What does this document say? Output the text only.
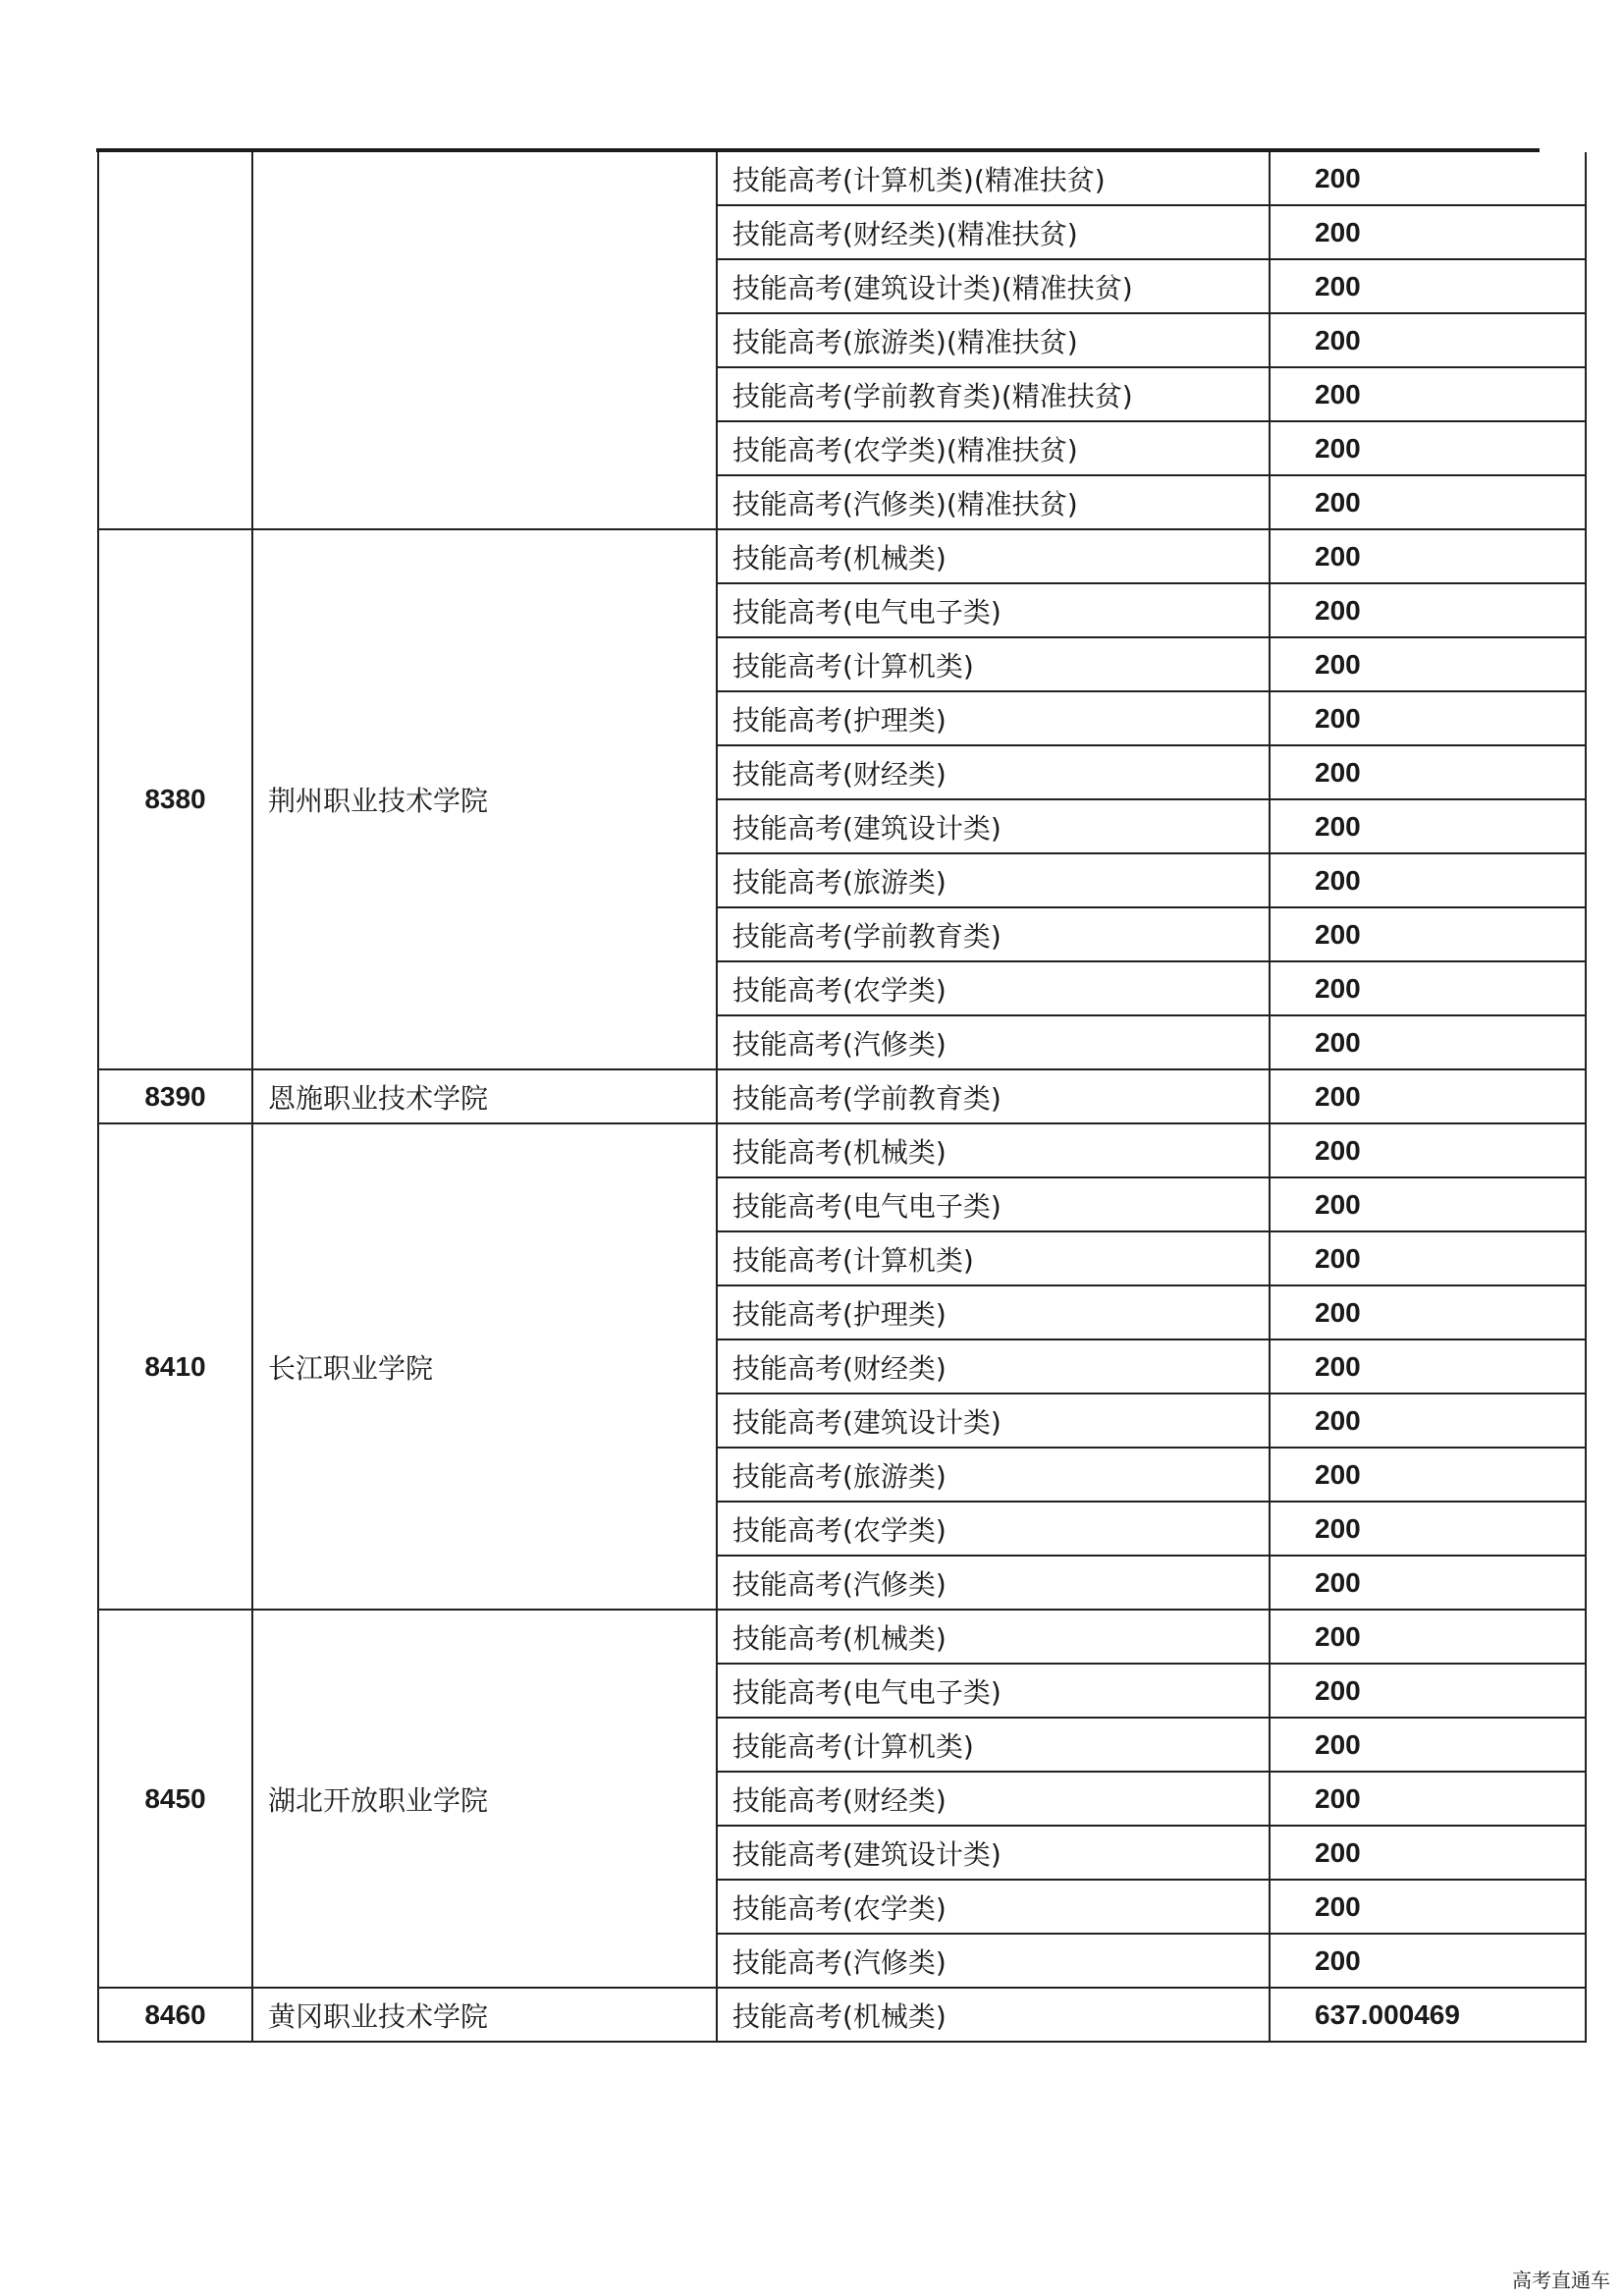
		技能高考(计算机类)(精准扶贫)	200
		技能高考(财经类)(精准扶贫)	200
		技能高考(建筑设计类)(精准扶贫)	200
		技能高考(旅游类)(精准扶贫)	200
		技能高考(学前教育类)(精准扶贫)	200
		技能高考(农学类)(精准扶贫)	200
		技能高考(汽修类)(精准扶贫)	200
8380	荆州职业技术学院	技能高考(机械类)	200
		技能高考(电气电子类)	200
		技能高考(计算机类)	200
		技能高考(护理类)	200
		技能高考(财经类)	200
		技能高考(建筑设计类)	200
		技能高考(旅游类)	200
		技能高考(学前教育类)	200
		技能高考(农学类)	200
		技能高考(汽修类)	200
8390	恩施职业技术学院	技能高考(学前教育类)	200
8410	长江职业学院	技能高考(机械类)	200
		技能高考(电气电子类)	200
		技能高考(计算机类)	200
		技能高考(护理类)	200
		技能高考(财经类)	200
		技能高考(建筑设计类)	200
		技能高考(旅游类)	200
		技能高考(农学类)	200
		技能高考(汽修类)	200
8450	湖北开放职业学院	技能高考(机械类)	200
		技能高考(电气电子类)	200
		技能高考(计算机类)	200
		技能高考(财经类)	200
		技能高考(建筑设计类)	200
		技能高考(农学类)	200
		技能高考(汽修类)	200
8460	黄冈职业技术学院	技能高考(机械类)	637.000469
高考直通车
